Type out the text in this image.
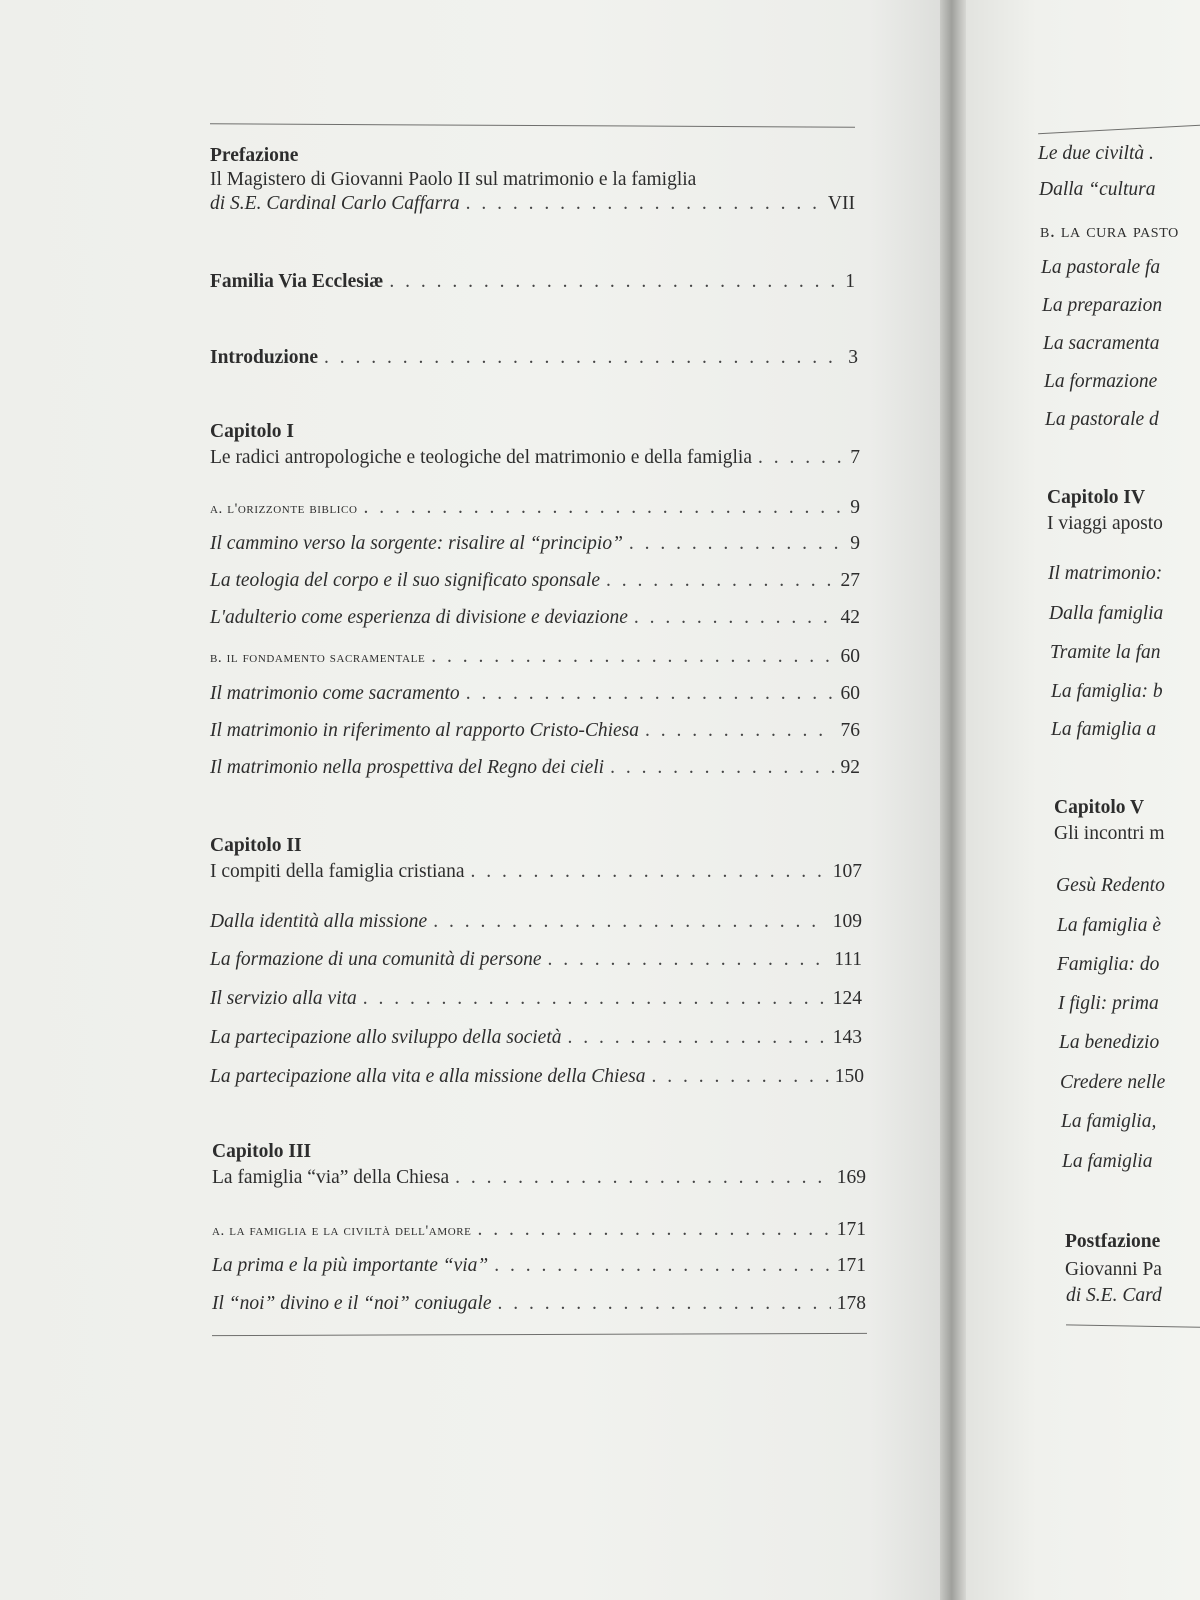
Prefazione
Il Magistero di Giovanni Paolo II sul matrimonio e la famiglia
di S.E. Cardinal Carlo Caffarra . . .	VII
Familia Via Ecclesiæ . . .	1
Introduzione . . .	3
Capitolo I
Le radici antropologiche e teologiche del matrimonio e della famiglia . . .	7
a. l'orizzonte biblico . . .	9
Il cammino verso la sorgente: risalire al “principio” . . .	9
La teologia del corpo e il suo significato sponsale . . .	27
L'adulterio come esperienza di divisione e deviazione . . .	42
b. il fondamento sacramentale . . .	60
Il matrimonio come sacramento . . .	60
Il matrimonio in riferimento al rapporto Cristo-Chiesa . . .	76
Il matrimonio nella prospettiva del Regno dei cieli . . .	92
Capitolo II
I compiti della famiglia cristiana . . .	107
Dalla identità alla missione . . .	109
La formazione di una comunità di persone . . .	111
Il servizio alla vita . . .	124
La partecipazione allo sviluppo della società . . .	143
La partecipazione alla vita e alla missione della Chiesa . . .	150
Capitolo III
La famiglia “via” della Chiesa . . .	169
a. la famiglia e la civiltà dell'amore . . .	171
La prima e la più importante “via” . . .	171
Il “noi” divino e il “noi” coniugale . . .	178
Le due civiltà .
Dalla “cultura
b. la cura pasto
La pastorale fa
La preparazion
La sacramenta
La formazione
La pastorale d
Capitolo IV
I viaggi aposto
Il matrimonio:
Dalla famiglia
Tramite la fan
La famiglia: b
La famiglia a
Capitolo V
Gli incontri m
Gesù Redento
La famiglia è
Famiglia: do
I figli: prima
La benedizio
Credere nelle
La famiglia,
La famiglia
Postfazione
Giovanni Pa
di S.E. Card
